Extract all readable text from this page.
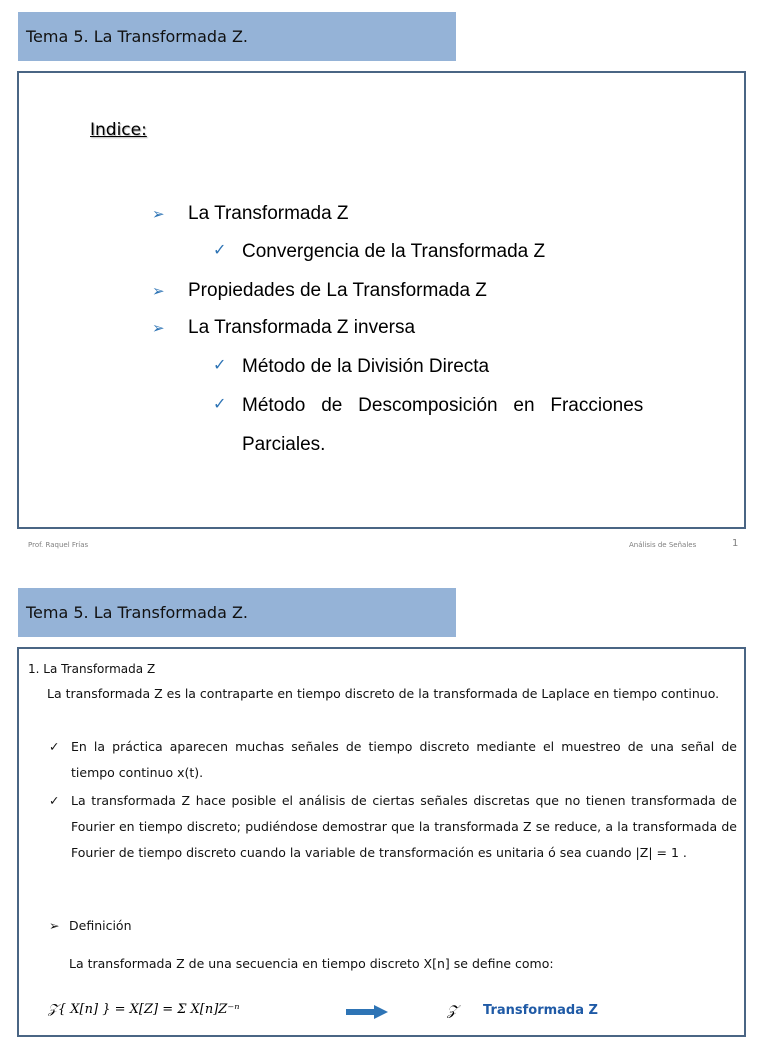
Tema 5. La Transformada Z.
Indice:
➢ La Transformada Z
✓ Convergencia de la Transformada Z
➢ Propiedades de La Transformada Z
➢ La Transformada Z inversa
✓ Método de la División Directa
✓ Método   de   Descomposición   en   Fracciones
Parciales.
Prof. Raquel Frías	Análisis de Señales	1
Tema 5. La Transformada Z.
1. La Transformada Z
La transformada Z es la contraparte en tiempo discreto de la transformada de Laplace en tiempo continuo.
✓ En la práctica aparecen muchas señales de tiempo discreto mediante el muestreo de una señal de tiempo continuo x(t).
✓ La transformada Z hace posible el análisis de ciertas señales discretas que no tienen transformada de Fourier en tiempo discreto; pudiéndose demostrar que la transformada Z se reduce, a la transformada de Fourier de tiempo discreto cuando la variable de transformación es unitaria ó sea cuando |Z| = 1 .
➢ Definición
La transformada Z de una secuencia en tiempo discreto X[n] se define como:
𝒵{ X[n] } = X[Z] = Σ X[n]Z⁻ⁿ	𝒵 Transformada Z
